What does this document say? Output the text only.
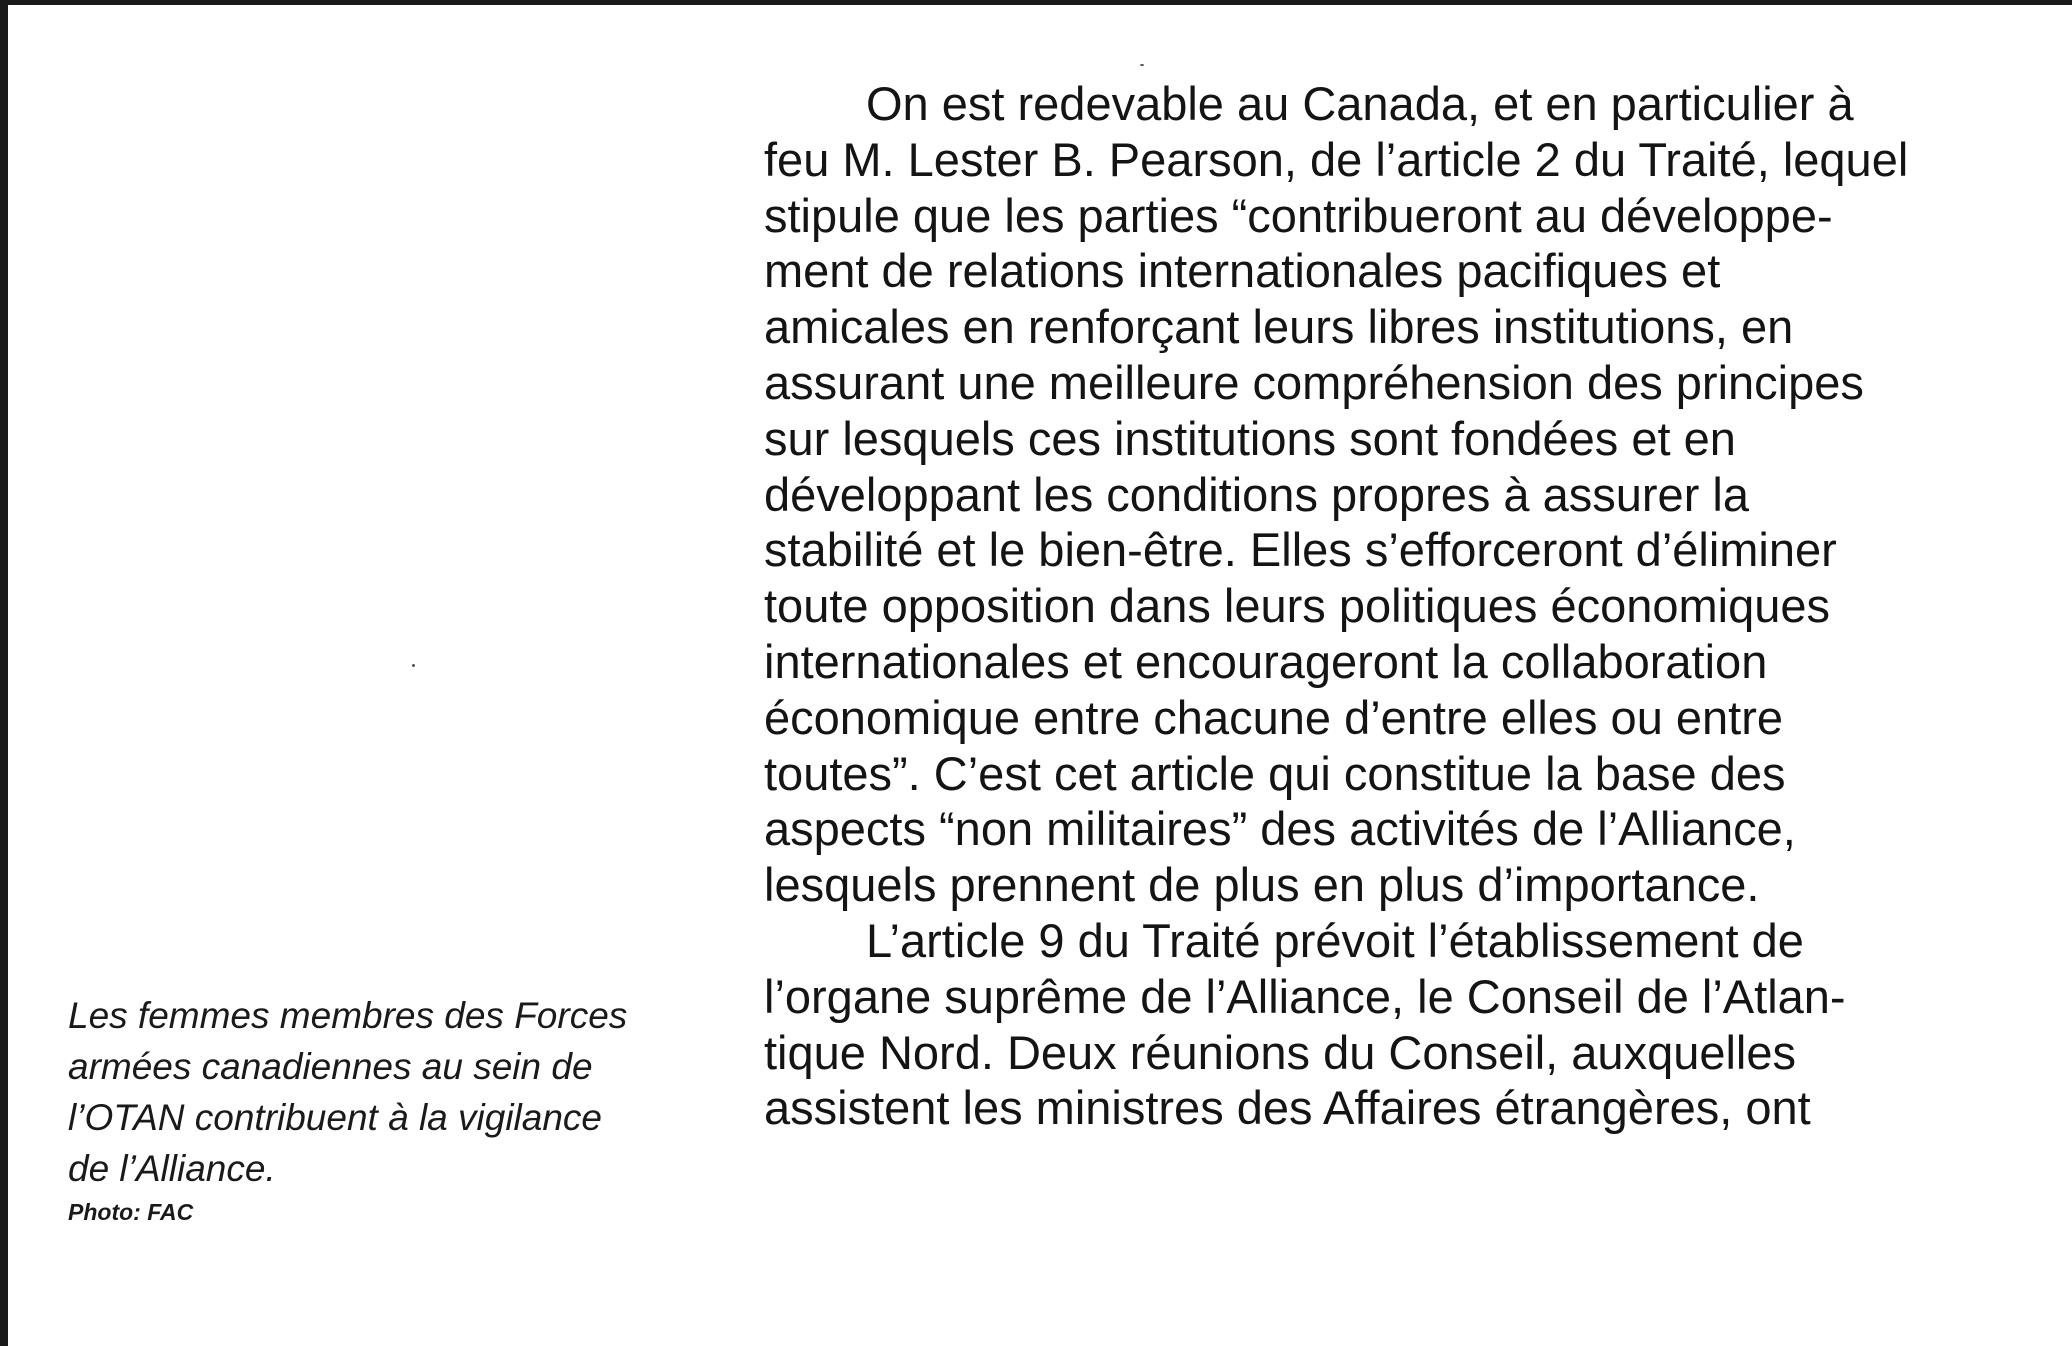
Les femmes membres des Forces
armées canadiennes au sein de
l’OTAN contribuent à la vigilance
de l’Alliance.
Photo: FAC
On est redevable au Canada, et en particulier à
feu M. Lester B. Pearson, de l’article 2 du Traité, lequel
stipule que les parties “contribueront au développe-
ment de relations internationales pacifiques et
amicales en renforçant leurs libres institutions, en
assurant une meilleure compréhension des principes
sur lesquels ces institutions sont fondées et en
développant les conditions propres à assurer la
stabilité et le bien-être. Elles s’efforceront d’éliminer
toute opposition dans leurs politiques économiques
internationales et encourageront la collaboration
économique entre chacune d’entre elles ou entre
toutes”. C’est cet article qui constitue la base des
aspects “non militaires” des activités de l’Alliance,
lesquels prennent de plus en plus d’importance.
L’article 9 du Traité prévoit l’établissement de
l’organe suprême de l’Alliance, le Conseil de l’Atlan-
tique Nord. Deux réunions du Conseil, auxquelles
assistent les ministres des Affaires étrangères, ont
